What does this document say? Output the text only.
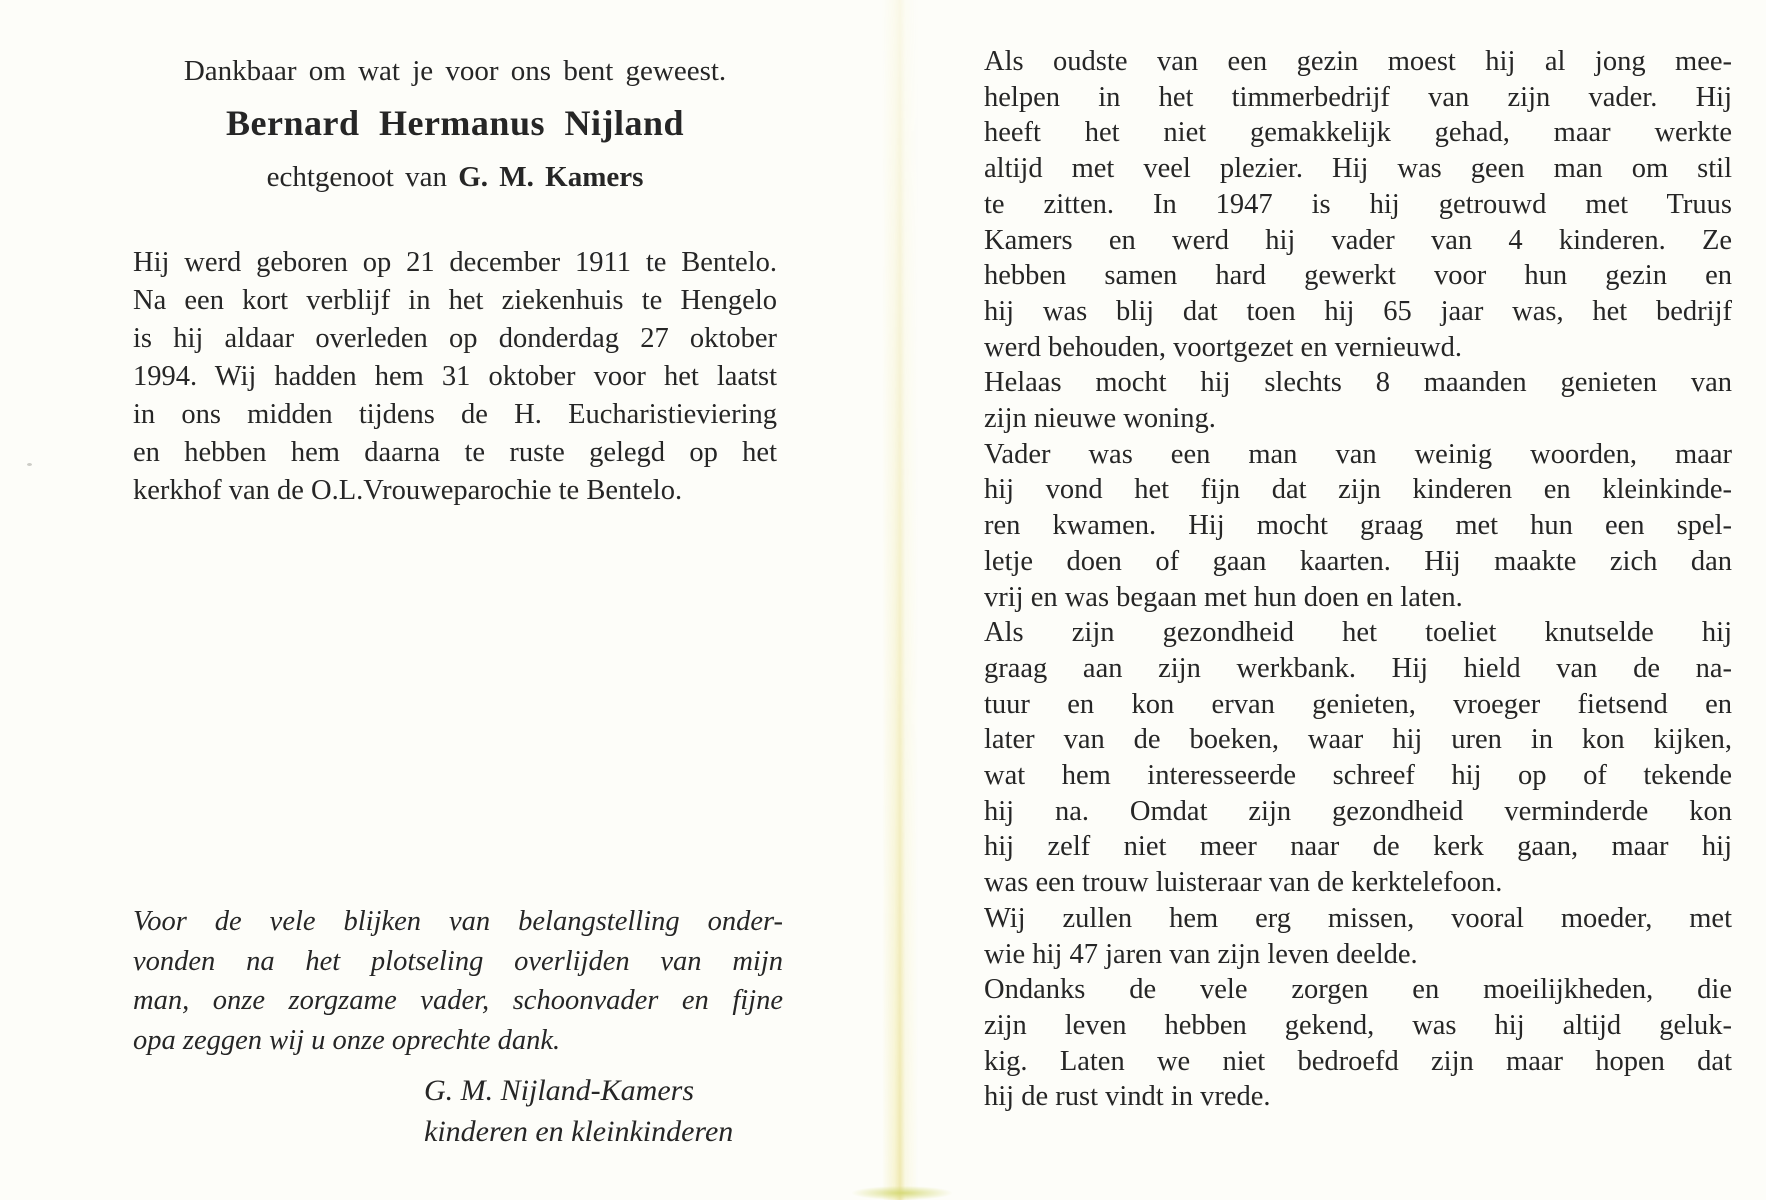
Dankbaar om wat je voor ons bent geweest.
Bernard Hermanus Nijland
echtgenoot van G. M. Kamers
Hij werd geboren op 21 december 1911 te Bentelo.
Na een kort verblijf in het ziekenhuis te Hengelo
is hij aldaar overleden op donderdag 27 oktober
1994. Wij hadden hem 31 oktober voor het laatst
in ons midden tijdens de H. Eucharistieviering
en hebben hem daarna te ruste gelegd op het
kerkhof van de O.L.Vrouweparochie te Bentelo.
Voor de vele blijken van belangstelling onder-
vonden na het plotseling overlijden van mijn
man, onze zorgzame vader, schoonvader en fijne
opa zeggen wij u onze oprechte dank.
G. M. Nijland-Kamers
kinderen en kleinkinderen
Als oudste van een gezin moest hij al jong mee-
helpen in het timmerbedrijf van zijn vader. Hij
heeft het niet gemakkelijk gehad, maar werkte
altijd met veel plezier. Hij was geen man om stil
te zitten. In 1947 is hij getrouwd met Truus
Kamers en werd hij vader van 4 kinderen. Ze
hebben samen hard gewerkt voor hun gezin en
hij was blij dat toen hij 65 jaar was, het bedrijf
werd behouden, voortgezet en vernieuwd.
Helaas mocht hij slechts 8 maanden genieten van
zijn nieuwe woning.
Vader was een man van weinig woorden, maar
hij vond het fijn dat zijn kinderen en kleinkinde-
ren kwamen. Hij mocht graag met hun een spel-
letje doen of gaan kaarten. Hij maakte zich dan
vrij en was begaan met hun doen en laten.
Als zijn gezondheid het toeliet knutselde hij
graag aan zijn werkbank. Hij hield van de na-
tuur en kon ervan genieten, vroeger fietsend en
later van de boeken, waar hij uren in kon kijken,
wat hem interesseerde schreef hij op of tekende
hij na. Omdat zijn gezondheid verminderde kon
hij zelf niet meer naar de kerk gaan, maar hij
was een trouw luisteraar van de kerktelefoon.
Wij zullen hem erg missen, vooral moeder, met
wie hij 47 jaren van zijn leven deelde.
Ondanks de vele zorgen en moeilijkheden, die
zijn leven hebben gekend, was hij altijd geluk-
kig. Laten we niet bedroefd zijn maar hopen dat
hij de rust vindt in vrede.
